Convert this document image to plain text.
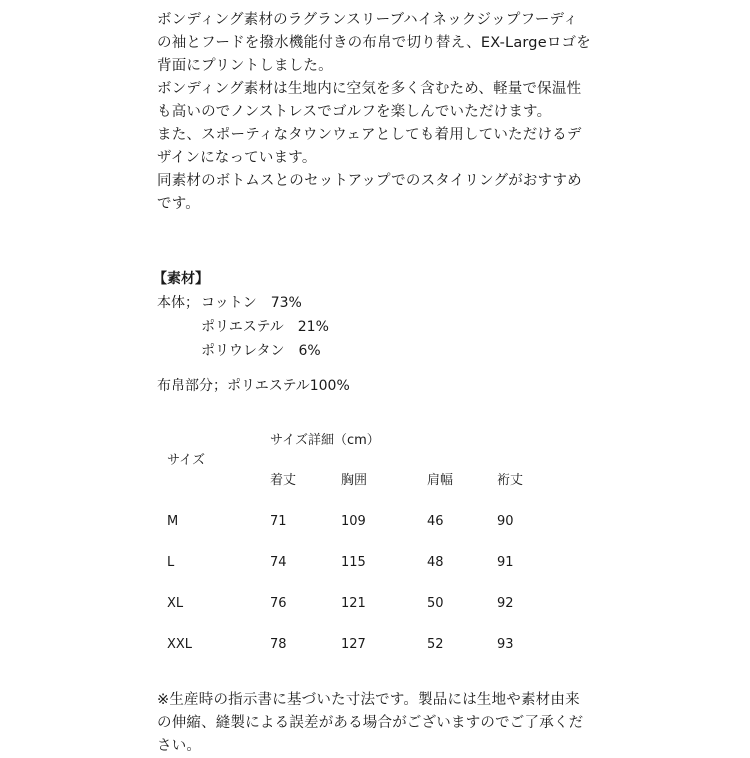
ボンディング素材のラグランスリーブハイネックジップフーディ

の袖とフードを撥水機能付きの布帛で切り替え、EX-Largeロゴを

背面にプリントしました。

ボンディング素材は生地内に空気を多く含むため、軽量で保温性

も高いのでノンストレスでゴルフを楽しんでいただけます。

また、スポーティなタウンウェアとしても着用していただけるデ

ザインになっています。

同素材のボトムスとのセットアップでのスタイリングがおすすめ

です。

【素材】
本体； コットン 73%
ポリエステル 21%
ポリウレタン 6%
布帛部分；ポリエステル100%
サイズ詳細（cm）
サイズ
着丈	胸囲	肩幅	裄丈
M	71	109	46	90
L	74	115	48	91
XL	76	121	50	92
XXL	78	127	52	93

※生産時の指示書に基づいた寸法です。製品には生地や素材由来

の伸縮、縫製による誤差がある場合がございますのでご了承くだ

さい。
